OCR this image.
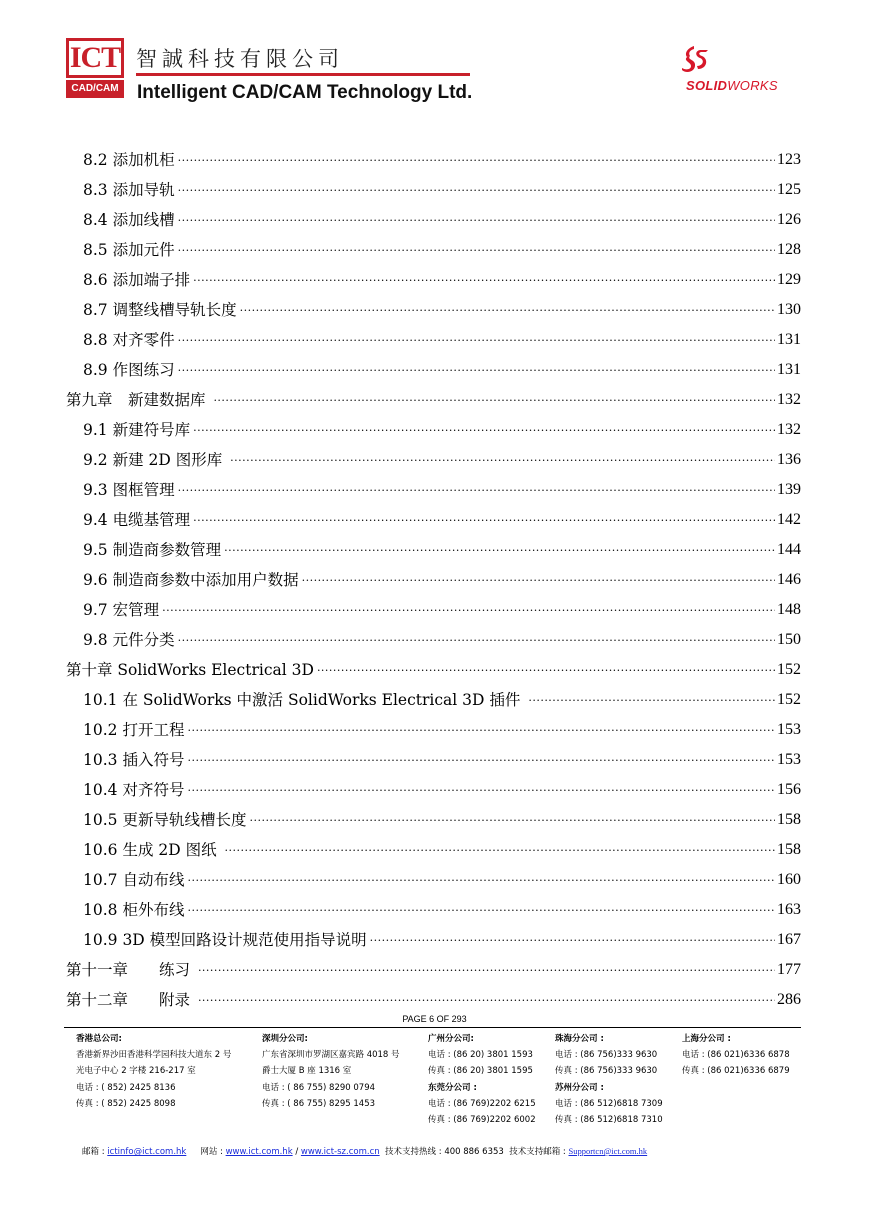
ICT
CAD/CAM
智誠科技有限公司
Intelligent CAD/CAM Technology Ltd.	SOLIDWORKS
8.2 添加机柜 .....	123
8.3 添加导轨 .....	125
8.4 添加线槽 .....	126
8.5 添加元件 .....	128
8.6 添加端子排 .....	129
8.7 调整线槽导轨长度 .....	130
8.8 对齐零件 .....	131
8.9 作图练习 .....	131
第九章　新建数据库 .....	132
9.1 新建符号库 .....	132
9.2 新建 2D 图形库 .....	136
9.3 图框管理 .....	139
9.4 电缆基管理 .....	142
9.5 制造商参数管理 .....	144
9.6 制造商参数中添加用户数据 .....	146
9.7 宏管理 .....	148
9.8 元件分类 .....	150
第十章 SolidWorks Electrical 3D .....	152
10.1 在 SolidWorks 中激活 SolidWorks Electrical 3D 插件 .....	152
10.2 打开工程 .....	153
10.3 插入符号 .....	153
10.4 对齐符号 .....	156
10.5 更新导轨线槽长度 .....	158
10.6 生成 2D 图纸 .....	158
10.7 自动布线 .....	160
10.8 柜外布线 .....	163
10.9 3D 模型回路设计规范使用指导说明 .....	167
第十一章　　练习 .....	177
第十二章　　附录 .....	286
PAGE 6 OF 293
香港总公司:
香港新界沙田香港科学园科技大道东 2 号
光电子中心 2 字楼 216-217 室
电话 : ( 852) 2425 8136
传真 : ( 852) 2425 8098
深圳分公司:
广东省深圳市罗湖区嘉宾路 4018 号
爵士大厦 B 座 1316 室
电话 : ( 86 755) 8290 0794
传真 : ( 86 755) 8295 1453
广州分公司:
电话 : (86 20) 3801 1593
传真 : (86 20) 3801 1595
东莞分公司 :
电话 : (86 769)2202 6215
传真 : (86 769)2202 6002
珠海分公司 :
电话 : (86 756)333 9630
传真 : (86 756)333 9630
苏州分公司 :
电话 : (86 512)6818 7309
传真 : (86 512)6818 7310
上海分公司 :
电话 : (86 021)6336 6878
传真 : (86 021)6336 6879
邮箱 : ictinfo@ict.com.hk 网站 : www.ict.com.hk / www.ict-sz.com.cn 技术支持热线 : 400 886 6353 技术支持邮箱 : Supportcn@ict.com.hk
